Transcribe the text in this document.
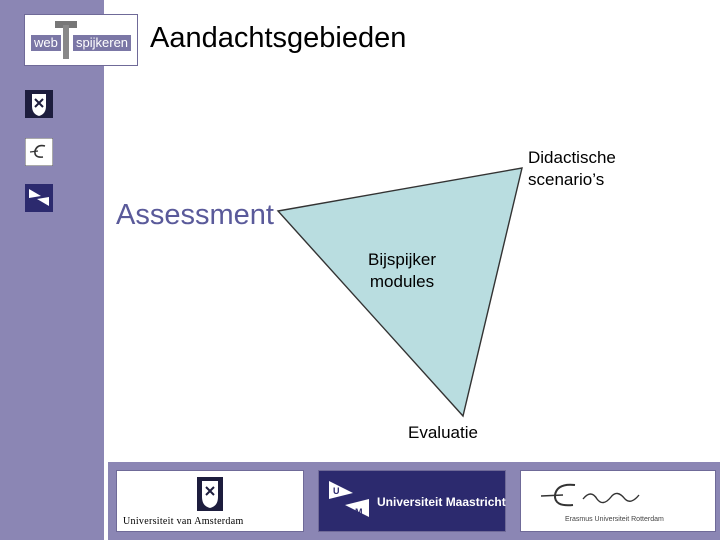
web spijkeren Aandachtsgebieden
Didactische
scenario’s
Assessment
Bijspijker
modules
Evaluatie
Universiteit van Amsterdam
U
M
Universiteit Maastricht
Erasmus Universiteit Rotterdam
